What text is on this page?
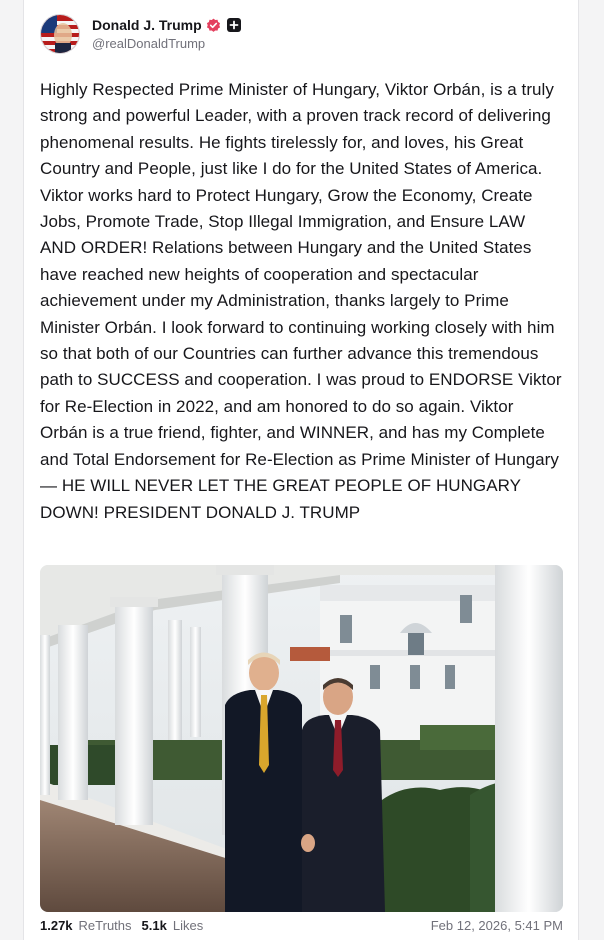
Donald J. Trump
@realDonaldTrump

Highly Respected Prime Minister of Hungary, Viktor Orbán, is a truly strong and powerful Leader, with a proven track record of delivering phenomenal results. He fights tirelessly for, and loves, his Great Country and People, just like I do for the United States of America. Viktor works hard to Protect Hungary, Grow the Economy, Create Jobs, Promote Trade, Stop Illegal Immigration, and Ensure LAW AND ORDER! Relations between Hungary and the United States have reached new heights of cooperation and spectacular achievement under my Administration, thanks largely to Prime Minister Orbán. I look forward to continuing working closely with him so that both of our Countries can further advance this tremendous path to SUCCESS and cooperation. I was proud to ENDORSE Viktor for Re-Election in 2022, and am honored to do so again. Viktor Orbán is a true friend, fighter, and WINNER, and has my Complete and Total Endorsement for Re-Election as Prime Minister of Hungary — HE WILL NEVER LET THE GREAT PEOPLE OF HUNGARY DOWN! PRESIDENT DONALD J. TRUMP

1.27k ReTruths 5.1k Likes	Feb 12, 2026, 5:41 PM
